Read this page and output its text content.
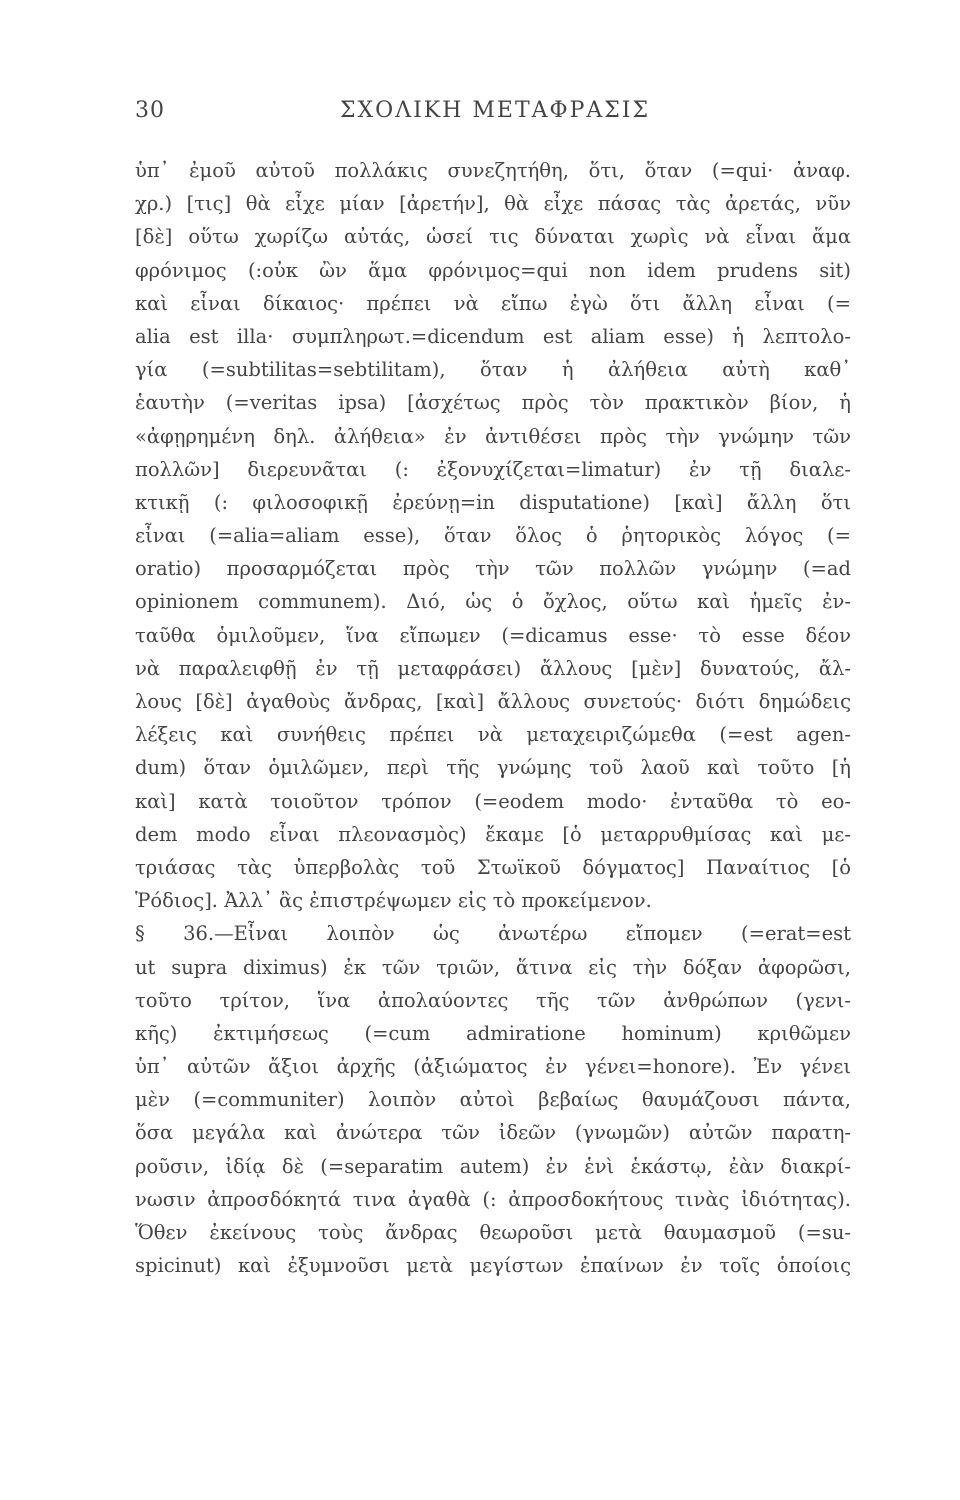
30	ΣΧΟΛΙΚΗ ΜΕΤΑΦΡΑΣΙΣ
ὑπ᾽ ἐμοῦ αὐτοῦ πολλάκις συνεζητήθη, ὅτι, ὅταν (=qui· ἀναφ.
χρ.) [τις] θὰ εἶχε μίαν [ἀρετήν], θὰ εἶχε πάσας τὰς ἀρετάς, νῦν
[δὲ] οὕτω χωρίζω αὐτάς, ὡσεί τις δύναται χωρὶς νὰ εἶναι ἅμα
φρόνιμος (:οὐκ ὢν ἅμα φρόνιμος=qui non idem prudens sit)
καὶ εἶναι δίκαιος· πρέπει νὰ εἴπω ἐγὼ ὅτι ἄλλη εἶναι (=
alia est illa· συμπληρωτ.=dicendum est aliam esse) ἡ λεπτολο-
γία (=subtilitas=sebtilitam), ὅταν ἡ ἀλήθεια αὐτὴ καθ᾽
ἑαυτὴν (=veritas ipsa) [ἀσχέτως πρὸς τὸν πρακτικὸν βίον, ἡ
«ἀφῃρημένη δηλ. ἀλήθεια» ἐν ἀντιθέσει πρὸς τὴν γνώμην τῶν
πολλῶν] διερευνᾶται (: ἐξονυχίζεται=limatur) ἐν τῇ διαλε-
κτικῇ (: φιλοσοφικῇ ἐρεύνῃ=in disputatione) [καὶ] ἄλλη ὅτι
εἶναι (=alia=aliam esse), ὅταν ὅλος ὁ ῥητορικὸς λόγος (=
oratio) προσαρμόζεται πρὸς τὴν τῶν πολλῶν γνώμην (=ad
opinionem communem). Διό, ὡς ὁ ὄχλος, οὕτω καὶ ἡμεῖς ἐν-
ταῦθα ὁμιλοῦμεν, ἵνα εἴπωμεν (=dicamus esse· τὸ esse δέον
νὰ παραλειφθῇ ἐν τῇ μεταφράσει) ἄλλους [μὲν] δυνατούς, ἄλ-
λους [δὲ] ἀγαθοὺς ἄνδρας, [καὶ] ἄλλους συνετούς· διότι δημώδεις
λέξεις καὶ συνήθεις πρέπει νὰ μεταχειριζώμεθα (=est agen-
dum) ὅταν ὁμιλῶμεν, περὶ τῆς γνώμης τοῦ λαοῦ καὶ τοῦτο [ἡ
καὶ] κατὰ τοιοῦτον τρόπον (=eodem modo· ἐνταῦθα τὸ eo-
dem modo εἶναι πλεονασμὸς) ἔκαμε [ὁ μεταρρυθμίσας καὶ με-
τριάσας τὰς ὑπερβολὰς τοῦ Στωϊκοῦ δόγματος] Παναίτιος [ὁ
Ῥόδιος]. Ἀλλ᾽ ἂς ἐπιστρέψωμεν εἰς τὸ προκείμενον.
§ 36.—Εἶναι λοιπὸν ὡς ἀνωτέρω εἴπομεν (=erat=est
ut supra diximus) ἐκ τῶν τριῶν, ἅτινα εἰς τὴν δόξαν ἀφορῶσι,
τοῦτο τρίτον, ἵνα ἀπολαύοντες τῆς τῶν ἀνθρώπων (γενι-
κῆς) ἐκτιμήσεως (=cum admiratione hominum) κριθῶμεν
ὑπ᾽ αὐτῶν ἄξιοι ἀρχῆς (ἀξιώματος ἐν γένει=honore). Ἐν γένει
μὲν (=communiter) λοιπὸν αὐτοὶ βεβαίως θαυμάζουσι πάντα,
ὅσα μεγάλα καὶ ἀνώτερα τῶν ἰδεῶν (γνωμῶν) αὐτῶν παρατη-
ροῦσιν, ἰδίᾳ δὲ (=separatim autem) ἐν ἑνὶ ἑκάστῳ, ἐὰν διακρί-
νωσιν ἀπροσδόκητά τινα ἀγαθὰ (: ἀπροσδοκήτους τινὰς ἰδιότητας).
Ὅθεν ἐκείνους τοὺς ἄνδρας θεωροῦσι μετὰ θαυμασμοῦ (=su-
spicinut) καὶ ἐξυμνοῦσι μετὰ μεγίστων ἐπαίνων ἐν τοῖς ὁποίοις
